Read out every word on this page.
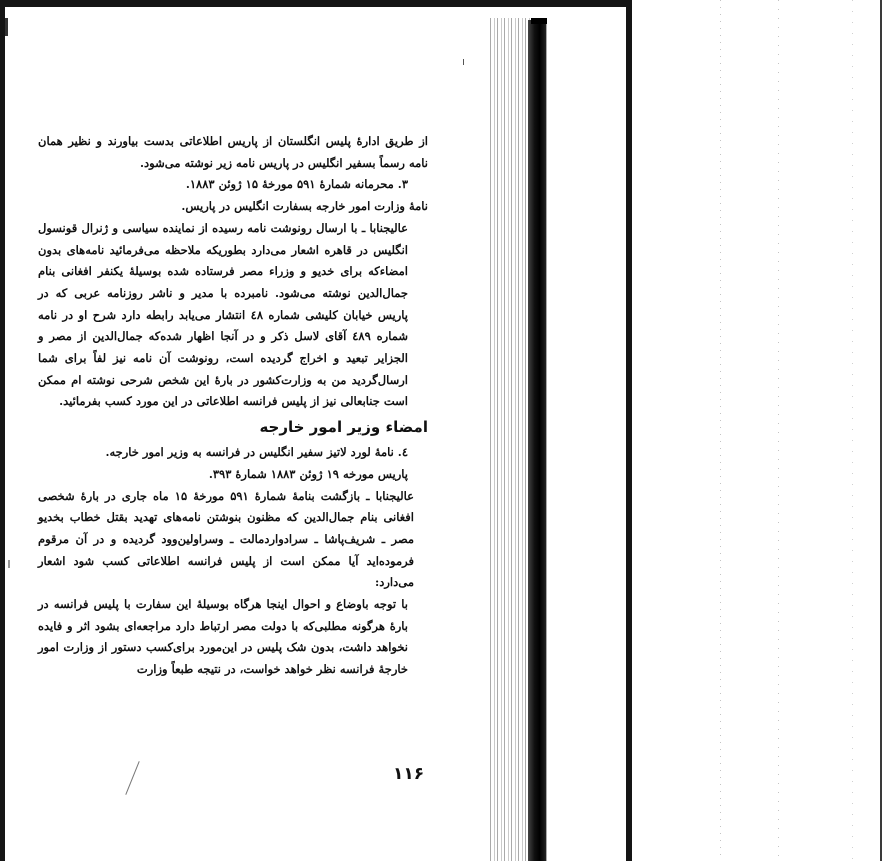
از طریق ادارهٔ پلیس انگلستان از پاریس اطلاعاتی بدست بیاورند و نظیر همان نامه رسماً بسفیر انگلیس در پاریس نامه زیر نوشته می‌شود.

۳. محرمانه شمارهٔ ۵۹۱ مورخهٔ ۱۵ ژوئن ۱۸۸۳.

نامهٔ وزارت امور خارجه بسفارت انگلیس در پاریس.

عالیجنابا ـ با ارسال رونوشت نامه رسیده از نماینده سیاسی و ژنرال قونسول انگلیس در قاهره اشعار می‌دارد بطوریکه ملاحظه می‌فرمائید نامه‌های بدون امضاءکه برای خدیو و وزراء مصر فرستاده شده بوسیلهٔ یکنفر افغانی بنام جمال‌الدین نوشته می‌شود. نامبرده با مدیر و ناشر روزنامه عربی که در پاریس خیابان کلیشی شماره ٤۸ انتشار می‌یابد رابطه دارد شرح او در نامه شماره ٤۸۹ آقای لاسل ذکر و در آنجا اظهار شده‌که جمال‌الدین از مصر و الجزایر تبعید و اخراج گردیده است، رونوشت آن نامه نیز لفاً برای شما ارسال‌گردید من به وزارت‌کشور در بارهٔ این شخص شرحی نوشته ام ممکن است جنابعالی نیز از پلیس فرانسه اطلاعاتی در این مورد کسب بفرمائید.

امضاء وزیر امور خارجه

٤. نامهٔ لورد لاتیز سفیر انگلیس در فرانسه به وزیر امور خارجه.

پاریس مورخه ۱۹ ژوئن ۱۸۸۳ شمارهٔ ۳۹۳.

عالیجنابا ـ بازگشت بنامهٔ شمارهٔ ۵۹۱ مورخهٔ ۱۵ ماه جاری در بارهٔ شخصی افغانی بنام جمال‌الدین که مظنون بنوشتن نامه‌های تهدید بقتل خطاب بخدیو مصر ـ شریف‌پاشا ـ سرادوارد‌مالت ـ وسر‌اولین‌وود گردیده و در آن مرقوم فرموده‌اید آیا ممکن است از پلیس فرانسه اطلاعاتی کسب شود اشعار می‌دارد:

با توجه باوضاع و احوال اینجا هرگاه بوسیلهٔ این سفارت با پلیس فرانسه در بارهٔ هرگونه مطلبی‌که با دولت مصر ارتباط دارد مراجعه‌ای بشود اثر و فایده نخواهد داشت، بدون شک پلیس در این‌مورد برای‌کسب دستور از وزارت امور خارجهٔ فرانسه نظر خواهد خواست، در نتیجه طبعاً وزارت

۱۱۶
